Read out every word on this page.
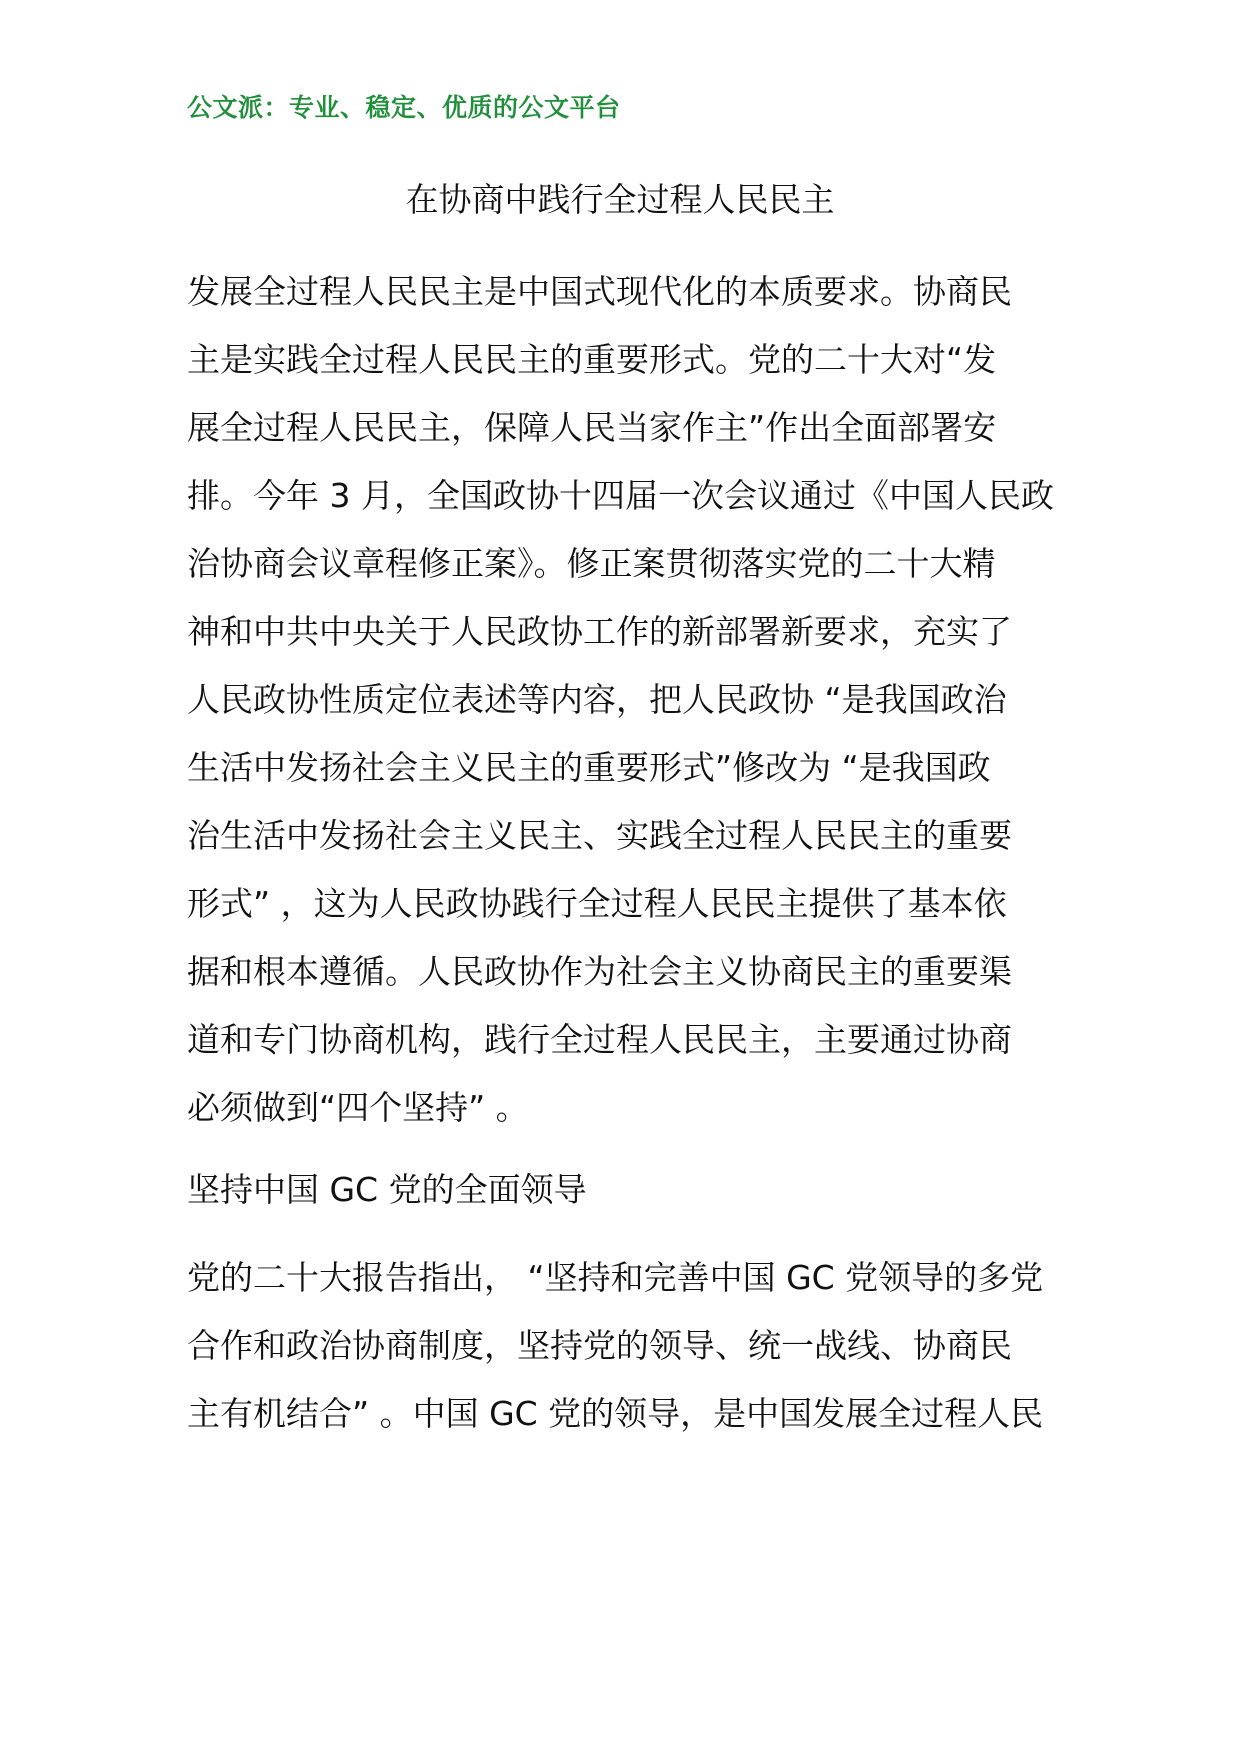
公文派：专业、稳定、优质的公文平台
在协商中践行全过程人民民主
发展全过程人民民主是中国式现代化的本质要求。协商民
主是实践全过程人民民主的重要形式。党的二十大对“发
展全过程人民民主，保障人民当家作主”作出全面部署安
排。今年 3 月，全国政协十四届一次会议通过《中国人民政
治协商会议章程修正案》。修正案贯彻落实党的二十大精
神和中共中央关于人民政协工作的新部署新要求，充实了
人民政协性质定位表述等内容，把人民政协 “是我国政治
生活中发扬社会主义民主的重要形式”修改为 “是我国政
治生活中发扬社会主义民主、实践全过程人民民主的重要
形式” ，这为人民政协践行全过程人民民主提供了基本依
据和根本遵循。人民政协作为社会主义协商民主的重要渠
道和专门协商机构，践行全过程人民民主，主要通过协商
必须做到“四个坚持” 。
坚持中国 GC 党的全面领导
党的二十大报告指出， “坚持和完善中国 GC 党领导的多党
合作和政治协商制度，坚持党的领导、统一战线、协商民
主有机结合” 。中国 GC 党的领导，是中国发展全过程人民
